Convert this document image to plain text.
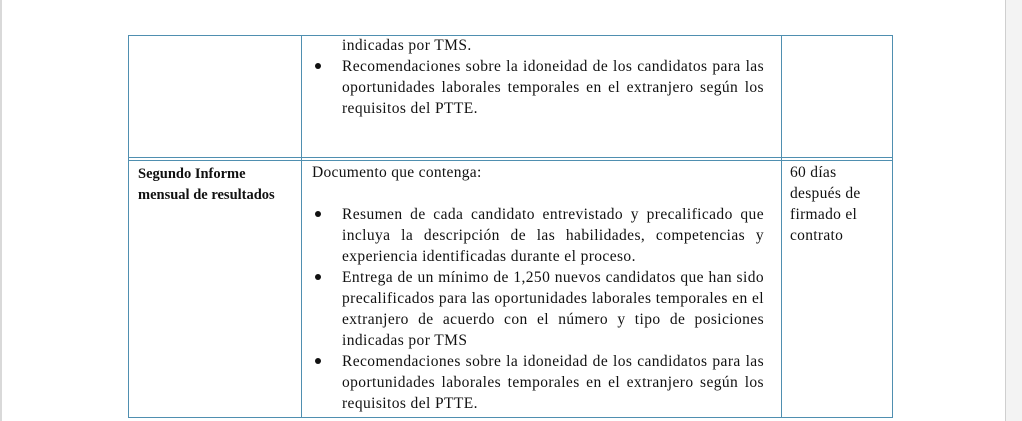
indicadas por TMS.
Recomendaciones sobre la idoneidad de los candidatos para las oportunidades laborales temporales en el extranjero según los requisitos del PTTE.
Segundo Informe mensual de resultados
Documento que contenga:
Resumen de cada candidato entrevistado y precalificado que incluya la descripción de las habilidades, competencias y experiencia identificadas durante el proceso.
Entrega de un mínimo de 1,250 nuevos candidatos que han sido precalificados para las oportunidades laborales temporales en el extranjero de acuerdo con el número y tipo de posiciones indicadas por TMS
Recomendaciones sobre la idoneidad de los candidatos para las oportunidades laborales temporales en el extranjero según los requisitos del PTTE.
60 días después de firmado el contrato
